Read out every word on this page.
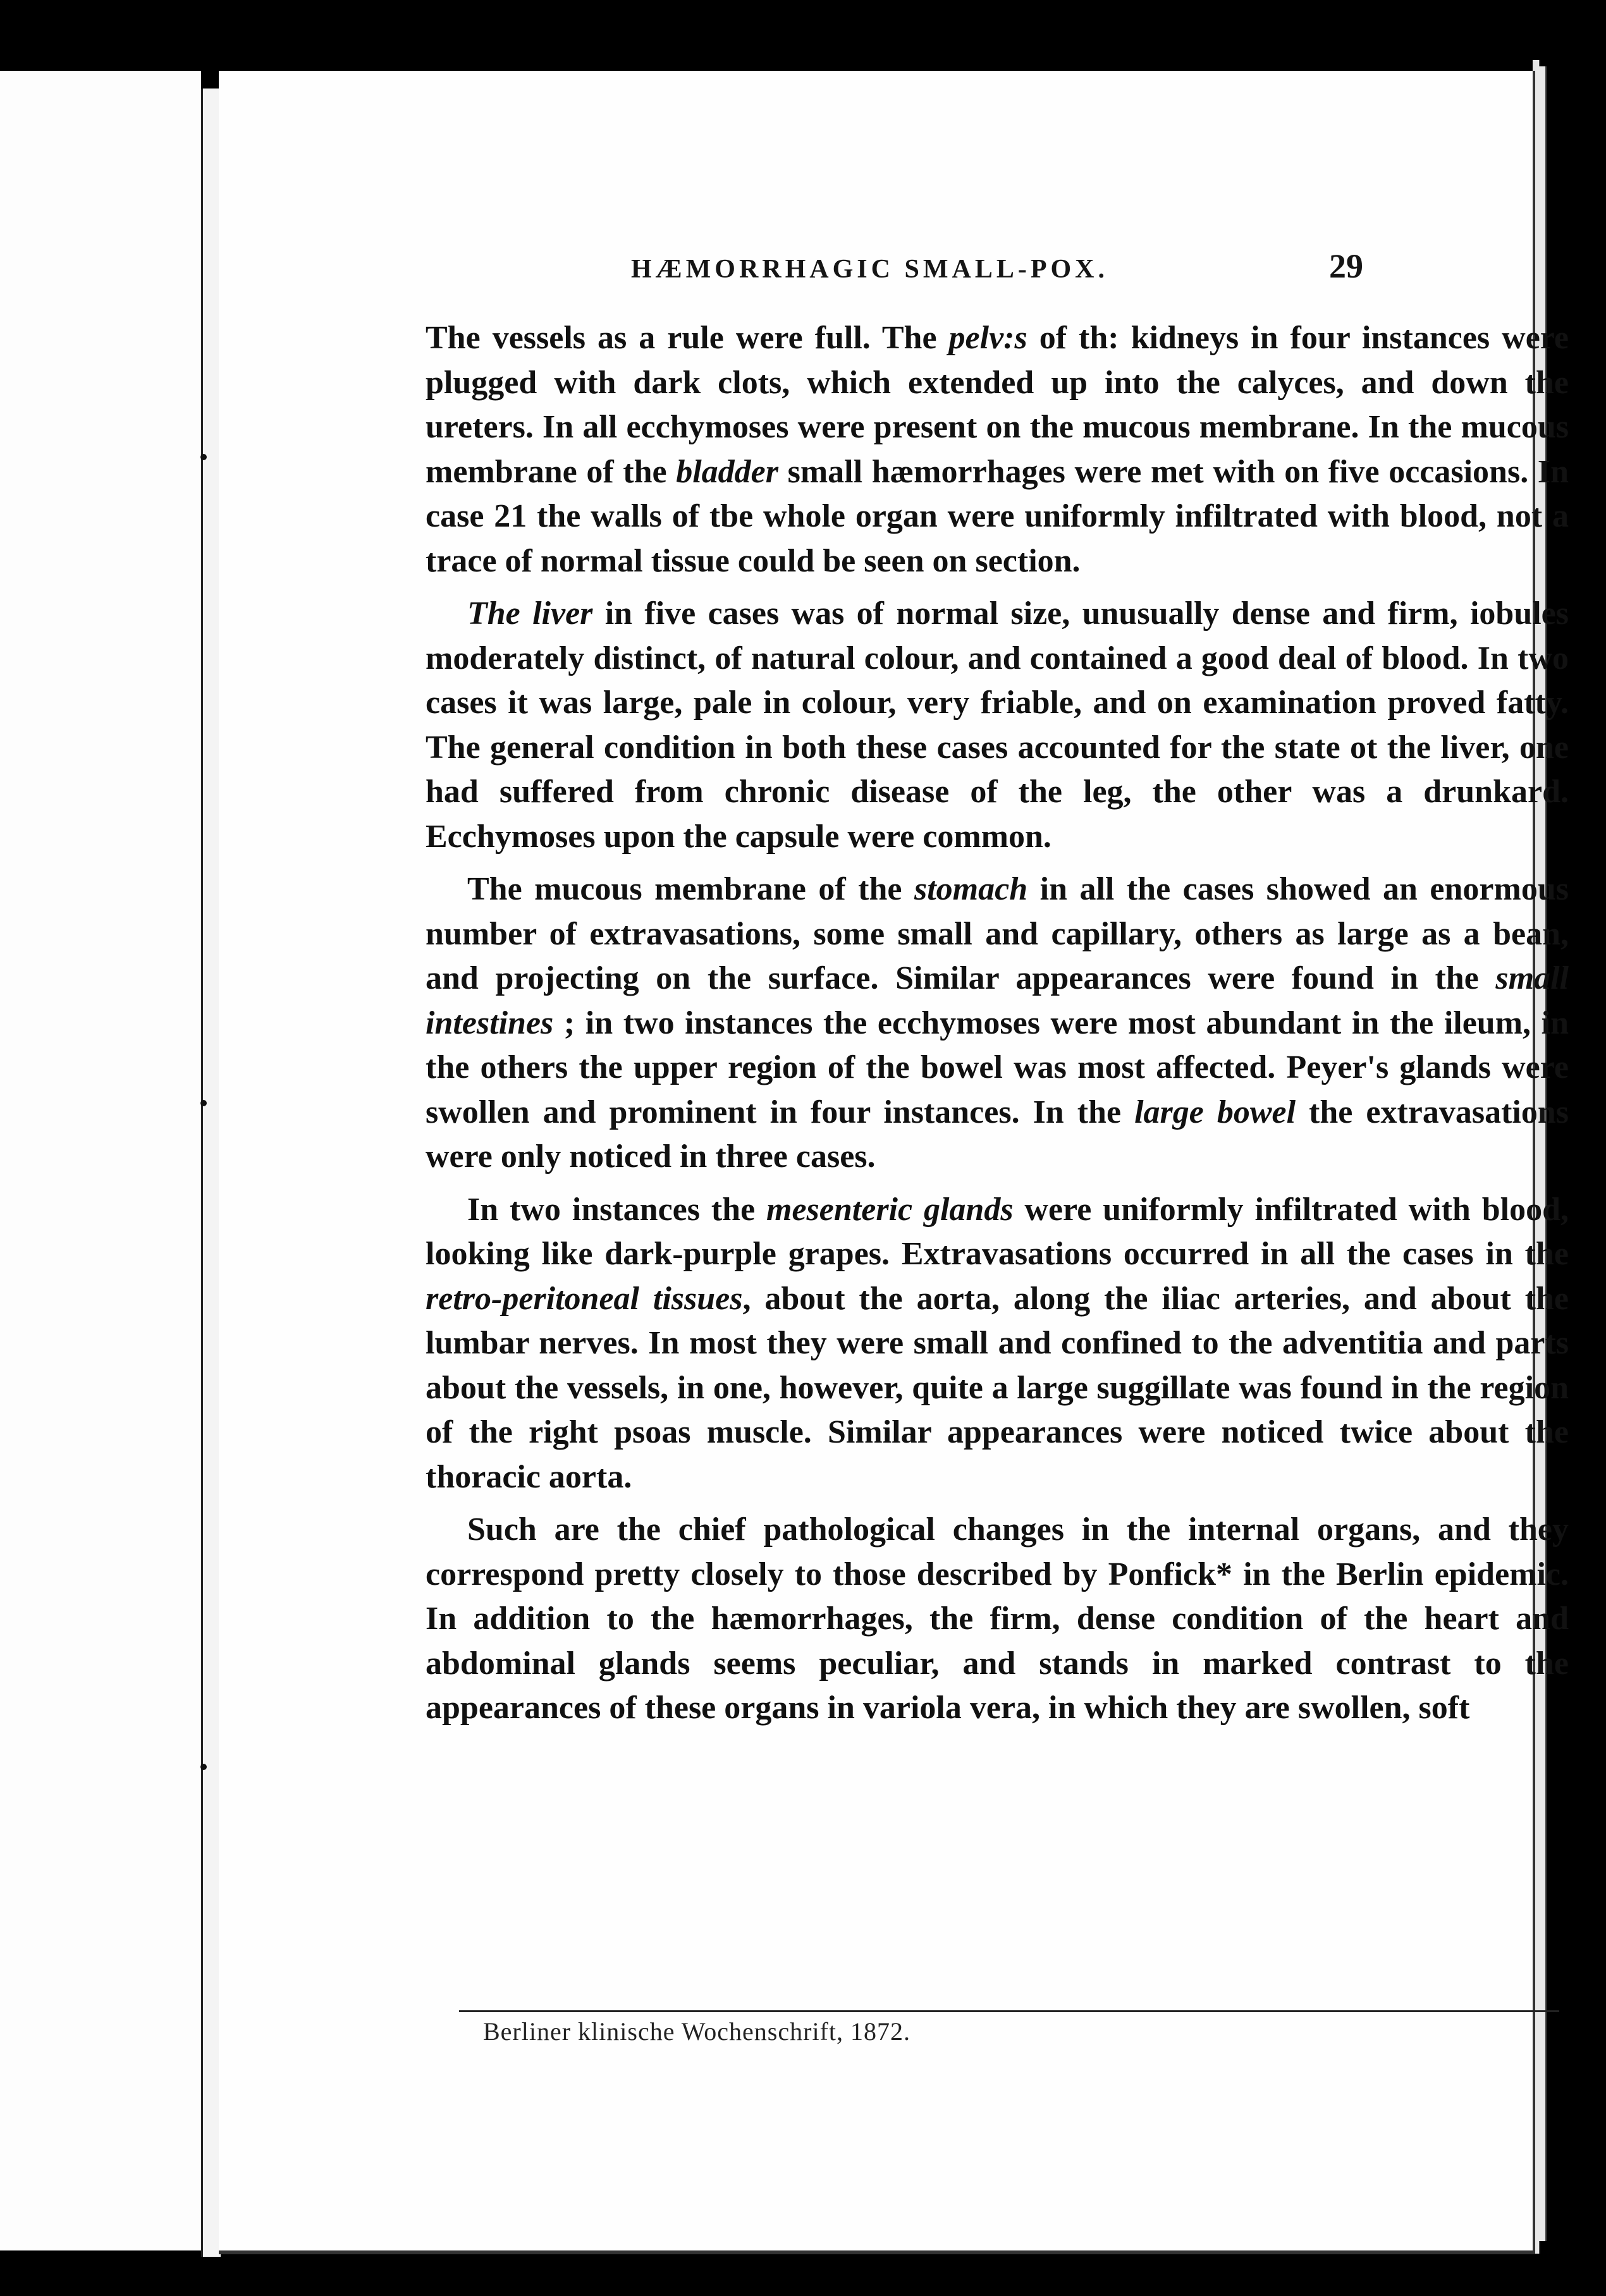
HÆMORRHAGIC SMALL-POX.	29

The vessels as a rule were full. The pelv:s of th: kidneys in four instances were plugged with dark clots, which extended up into the calyces, and down the ureters. In all ecchymoses were present on the mucous membrane. In the mucous membrane of the bladder small hæmorrhages were met with on five occasions. In case 21 the walls of tbe whole organ were uniformly infiltrated with blood, not a trace of normal tissue could be seen on section.

The liver in five cases was of normal size, unusually dense and firm, iobules moderately distinct, of natural colour, and contained a good deal of blood. In two cases it was large, pale in colour, very friable, and on examination proved fatty. The general condition in both these cases accounted for the state ot the liver, one had suffered from chronic disease of the leg, the other was a drunkard. Ecchymoses upon the capsule were common.

The mucous membrane of the stomach in all the cases showed an enormous number of extravasations, some small and capillary, others as large as a bean, and projecting on the surface. Similar appearances were found in the small intestines ; in two instances the ecchymoses were most abundant in the ileum, in the others the upper region of the bowel was most affected. Peyer's glands were swollen and prominent in four instances. In the large bowel the extravasations were only noticed in three cases.

In two instances the mesenteric glands were uniformly infiltrated with blood, looking like dark-purple grapes. Extravasations occurred in all the cases in the retro-peritoneal tissues, about the aorta, along the iliac arteries, and about the lumbar nerves. In most they were small and confined to the adventitia and parts about the vessels, in one, however, quite a large suggillate was found in the region of the right psoas muscle. Similar appearances were noticed twice about the thoracic aorta.

Such are the chief pathological changes in the internal organs, and they correspond pretty closely to those described by Ponfick* in the Berlin epidemic. In addition to the hæmorrhages, the firm, dense condition of the heart and abdominal glands seems peculiar, and stands in marked contrast to the appearances of these organs in variola vera, in which they are swollen, soft

Berliner klinische Wochenschrift, 1872.
